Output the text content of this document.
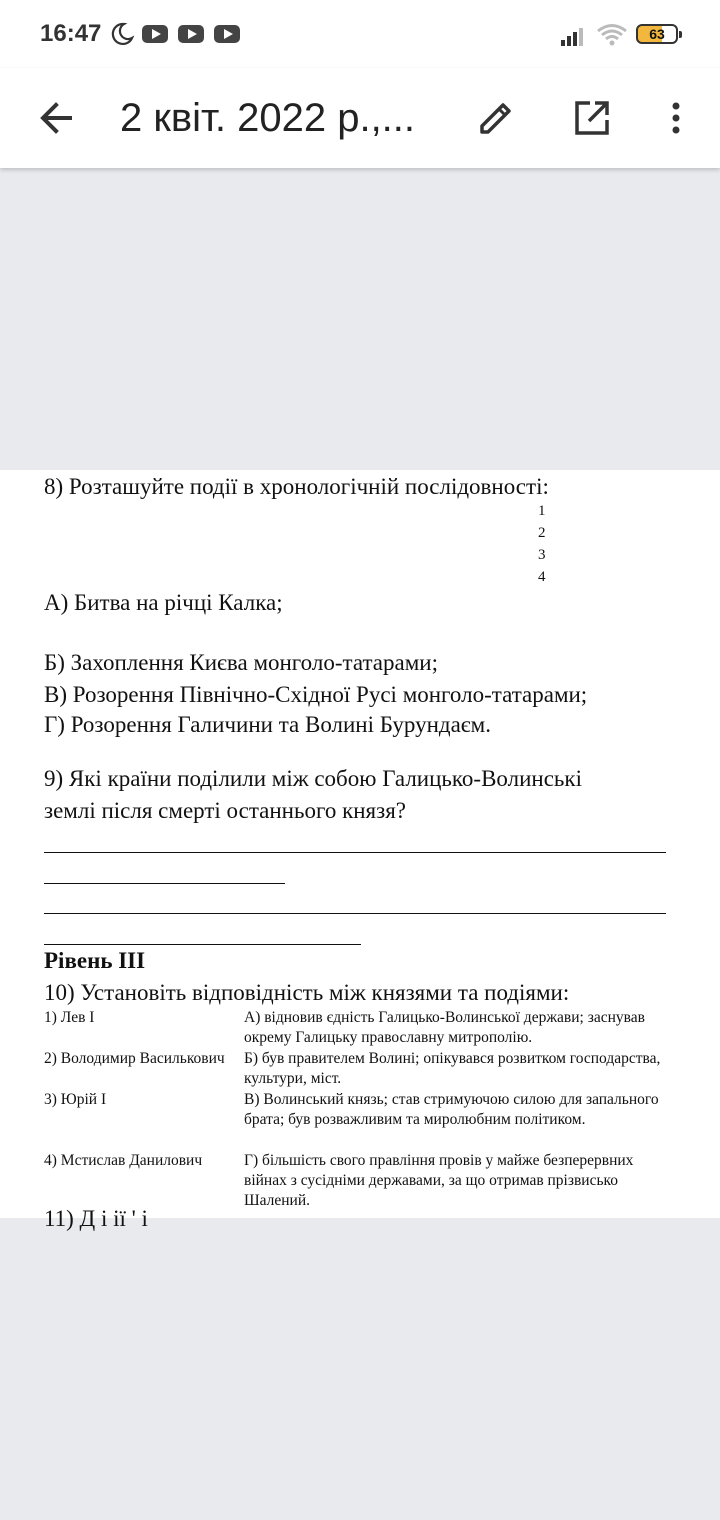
16:47	63
2 квіт. 2022 р.,...
8) Розташуйте події в хронологічній послідовності:
1
2
3
4
А) Битва на річці Калка;
Б) Захоплення Києва монголо-татарами;
В) Розорення Північно-Східної Русі монголо-татарами;
Г) Розорення Галичини та Волині Бурундаєм.
9) Які країни поділили між собою Галицько-Волинські
землі після смерті останнього князя?
Рівень ІІІ
10) Установіть відповідність між князями та подіями:
1) Лев І	А) відновив єдність Галицько-Волинської держави; заснував окрему Галицьку православну митрополію.
2) Володимир Василькович Б) був правителем Волині; опікувався розвитком господарства, культури, міст.
3) Юрій І	В) Волинський князь; став стримуючою силою для запального брата; був розважливим та миролюбним політиком.
4) Мстислав Данилович	Г) більшість свого правління провів у майже безперервних війнах з сусідніми державами, за що отримав прізвисько Шалений.
11) Д і ії ' і
